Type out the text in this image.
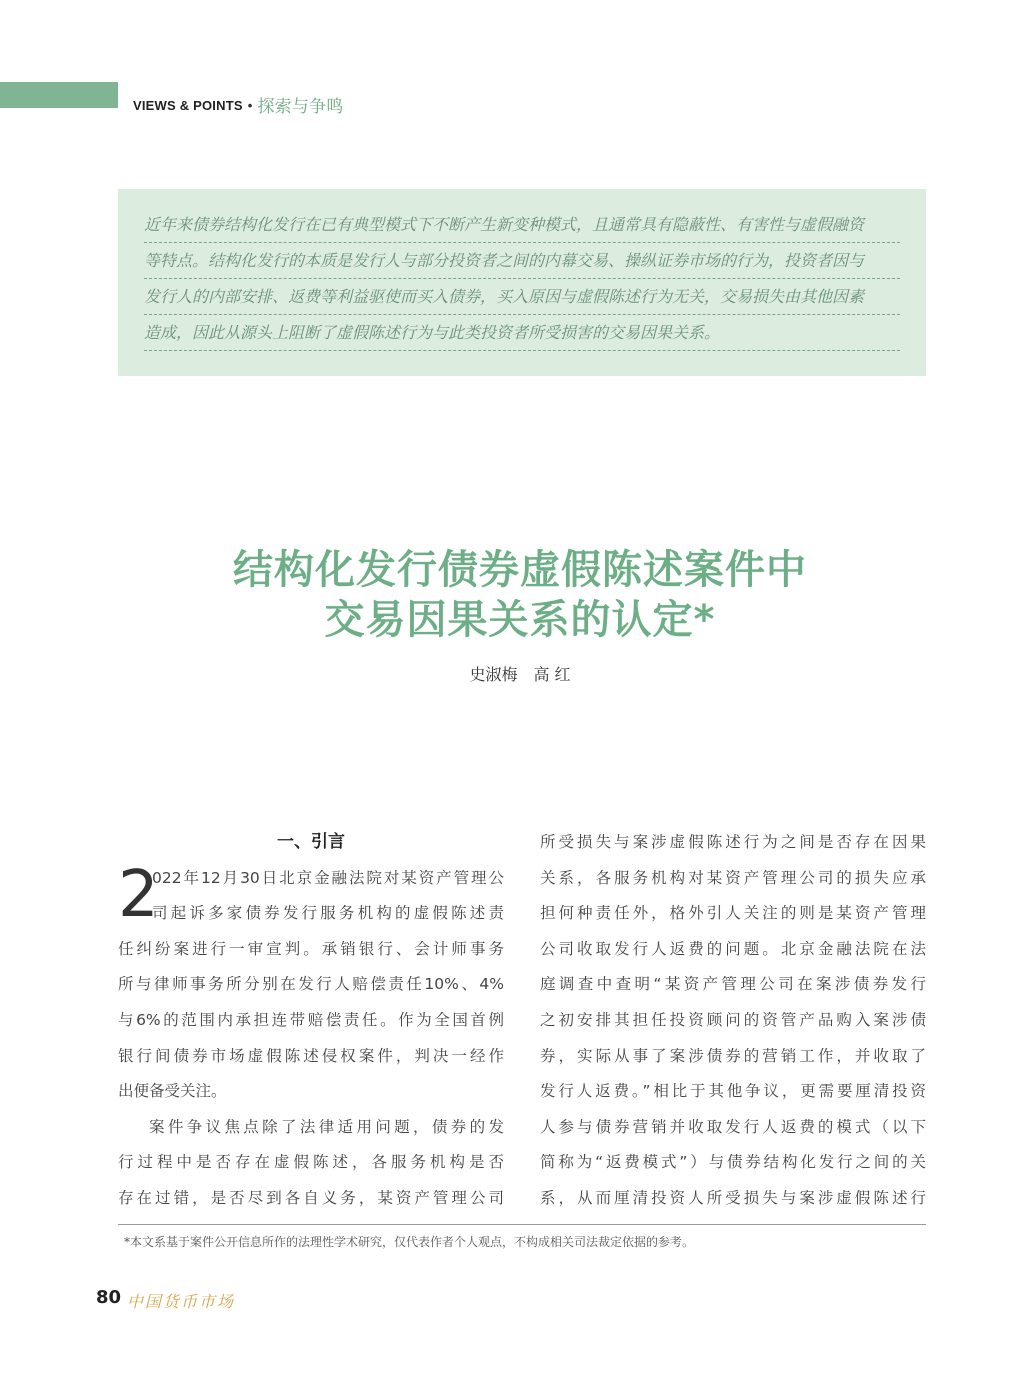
VIEWS & POINTS • 探索与争鸣
近年来债券结构化发行在已有典型模式下不断产生新变种模式，且通常具有隐蔽性、有害性与虚假融资
等特点。结构化发行的本质是发行人与部分投资者之间的内幕交易、操纵证券市场的行为，投资者因与
发行人的内部安排、返费等利益驱使而买入债券，买入原因与虚假陈述行为无关，交易损失由其他因素
造成，因此从源头上阻断了虚假陈述行为与此类投资者所受损害的交易因果关系。
结构化发行债券虚假陈述案件中
交易因果关系的认定*
史淑梅　高 红
一、引言
2
022年12月30日北京金融法院对某资产管理公
司起诉多家债券发行服务机构的虚假陈述责
任纠纷案进行一审宣判。承销银行、会计师事务
所与律师事务所分别在发行人赔偿责任10%、4%
与6%的范围内承担连带赔偿责任。作为全国首例
银行间债券市场虚假陈述侵权案件，判决一经作
出便备受关注。
案件争议焦点除了法律适用问题，债券的发
行过程中是否存在虚假陈述，各服务机构是否
存在过错，是否尽到各自义务，某资产管理公司
所受损失与案涉虚假陈述行为之间是否存在因果
关系，各服务机构对某资产管理公司的损失应承
担何种责任外，格外引人关注的则是某资产管理
公司收取发行人返费的问题。北京金融法院在法
庭调查中查明“某资产管理公司在案涉债券发行
之初安排其担任投资顾问的资管产品购入案涉债
券，实际从事了案涉债券的营销工作，并收取了
发行人返费。”相比于其他争议，更需要厘清投资
人参与债券营销并收取发行人返费的模式（以下
简称为“返费模式”）与债券结构化发行之间的关
系，从而厘清投资人所受损失与案涉虚假陈述行
*本文系基于案件公开信息所作的法理性学术研究，仅代表作者个人观点，不构成相关司法裁定依据的参考。
80 中国货币市场
